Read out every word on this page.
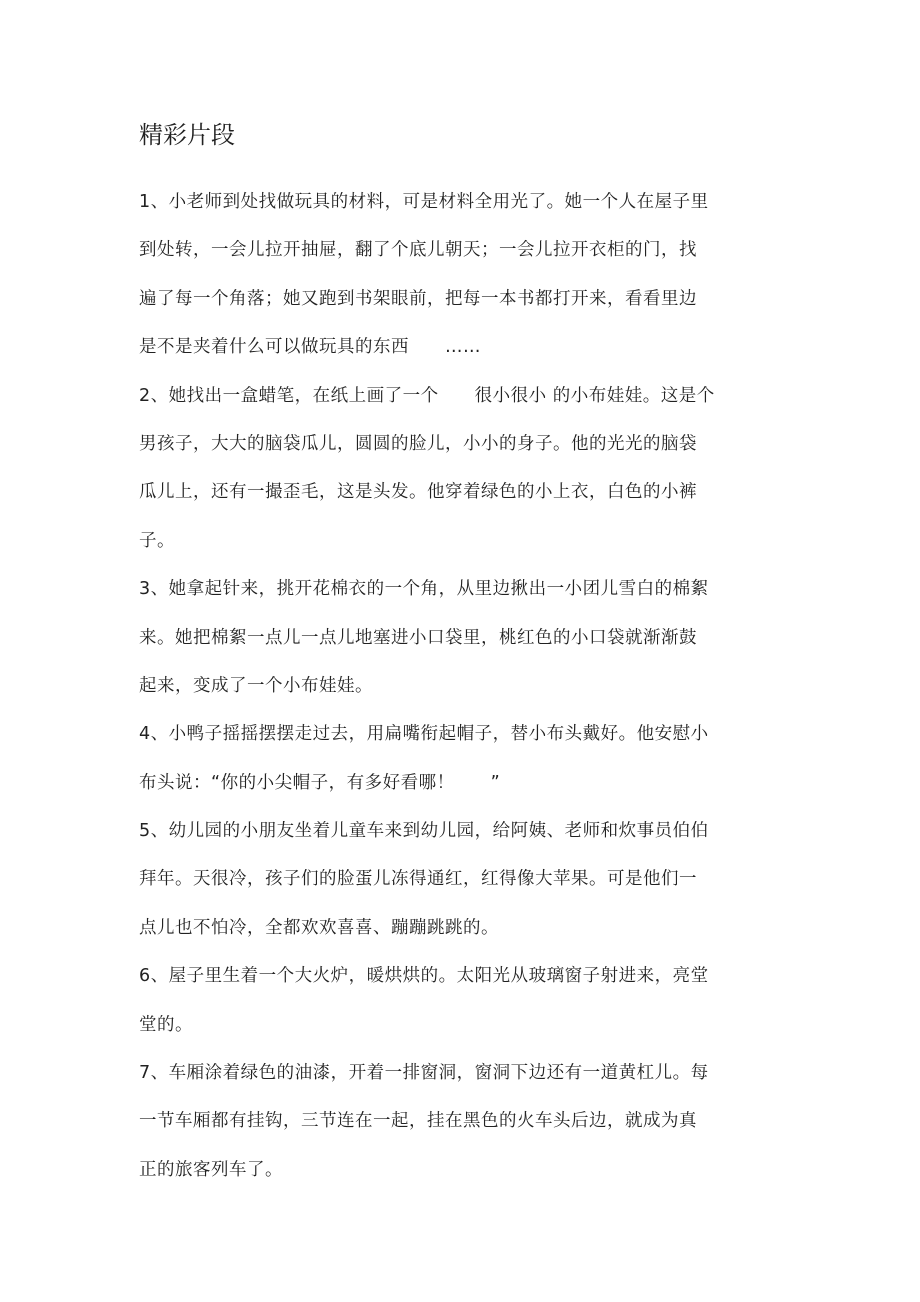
精彩片段
1、小老师到处找做玩具的材料，可是材料全用光了。她一个人在屋子里
到处转，一会儿拉开抽屉，翻了个底儿朝天；一会儿拉开衣柜的门，找
遍了每一个角落；她又跑到书架眼前，把每一本书都打开来，看看里边
是不是夹着什么可以做玩具的东西　　……
2、她找出一盒蜡笔，在纸上画了一个　　很小很小 的小布娃娃。这是个
男孩子，大大的脑袋瓜儿，圆圆的脸儿，小小的身子。他的光光的脑袋
瓜儿上，还有一撮歪毛，这是头发。他穿着绿色的小上衣，白色的小裤
子。
3、她拿起针来，挑开花棉衣的一个角，从里边揪出一小团儿雪白的棉絮
来。她把棉絮一点儿一点儿地塞进小口袋里，桃红色的小口袋就渐渐鼓
起来，变成了一个小布娃娃。
4、小鸭子摇摇摆摆走过去，用扁嘴衔起帽子，替小布头戴好。他安慰小
布头说：“你的小尖帽子，有多好看哪！　　”
5、幼儿园的小朋友坐着儿童车来到幼儿园，给阿姨、老师和炊事员伯伯
拜年。天很冷，孩子们的脸蛋儿冻得通红，红得像大苹果。可是他们一
点儿也不怕冷，全都欢欢喜喜、蹦蹦跳跳的。
6、屋子里生着一个大火炉，暖烘烘的。太阳光从玻璃窗子射进来，亮堂
堂的。
7、车厢涂着绿色的油漆，开着一排窗洞，窗洞下边还有一道黄杠儿。每
一节车厢都有挂钩，三节连在一起，挂在黑色的火车头后边，就成为真
正的旅客列车了。
